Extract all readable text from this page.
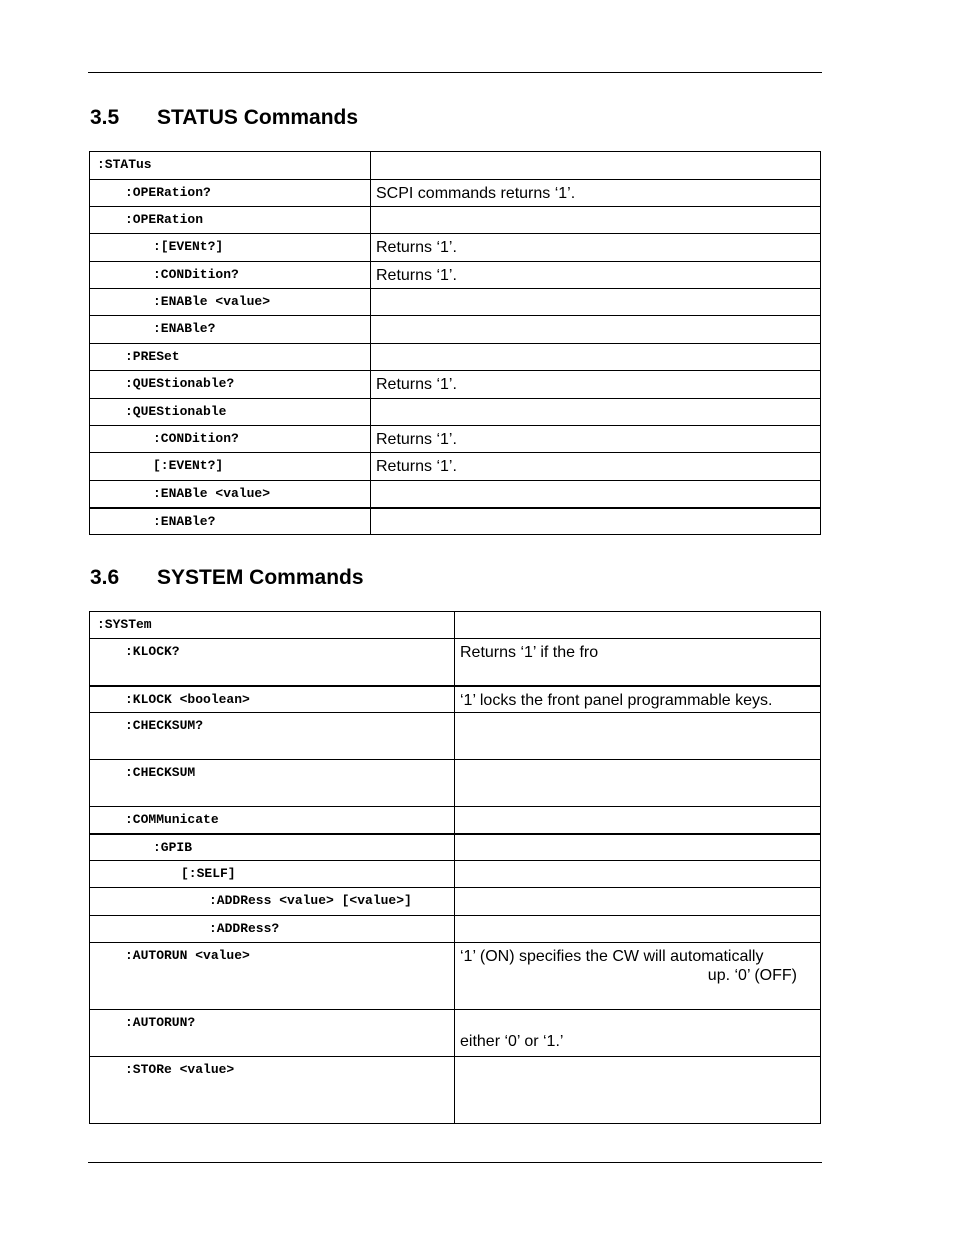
3.5 STATUS Commands
:STATus	
:OPERation?	SCPI commands returns ‘1’.
:OPERation	
:[EVENt?]	Returns ‘1’.
:CONDition?	Returns ‘1’.
:ENABle <value>	
:ENABle?	
:PRESet	
:QUEStionable?	Returns ‘1’.
:QUEStionable	
:CONDition?	Returns ‘1’.
[:EVENt?]	Returns ‘1’.
:ENABle <value>	
:ENABle?	
3.6 SYSTEM Commands
:SYSTem	
:KLOCK?	Returns ‘1’ if the fro

:KLOCK <boolean>	‘1’ locks the front panel programmable keys.

:CHECKSUM?	
:CHECKSUM	
:COMMunicate	
:GPIB	
[:SELF]	
:ADDRess <value> [<value>]	
:ADDRess?	
:AUTORUN <value>	‘1’ (ON) specifies the CW will automatically
up. ‘0’ (OFF)

:AUTORUN?	either ‘0’ or ‘1.’

:STORe <value>	
